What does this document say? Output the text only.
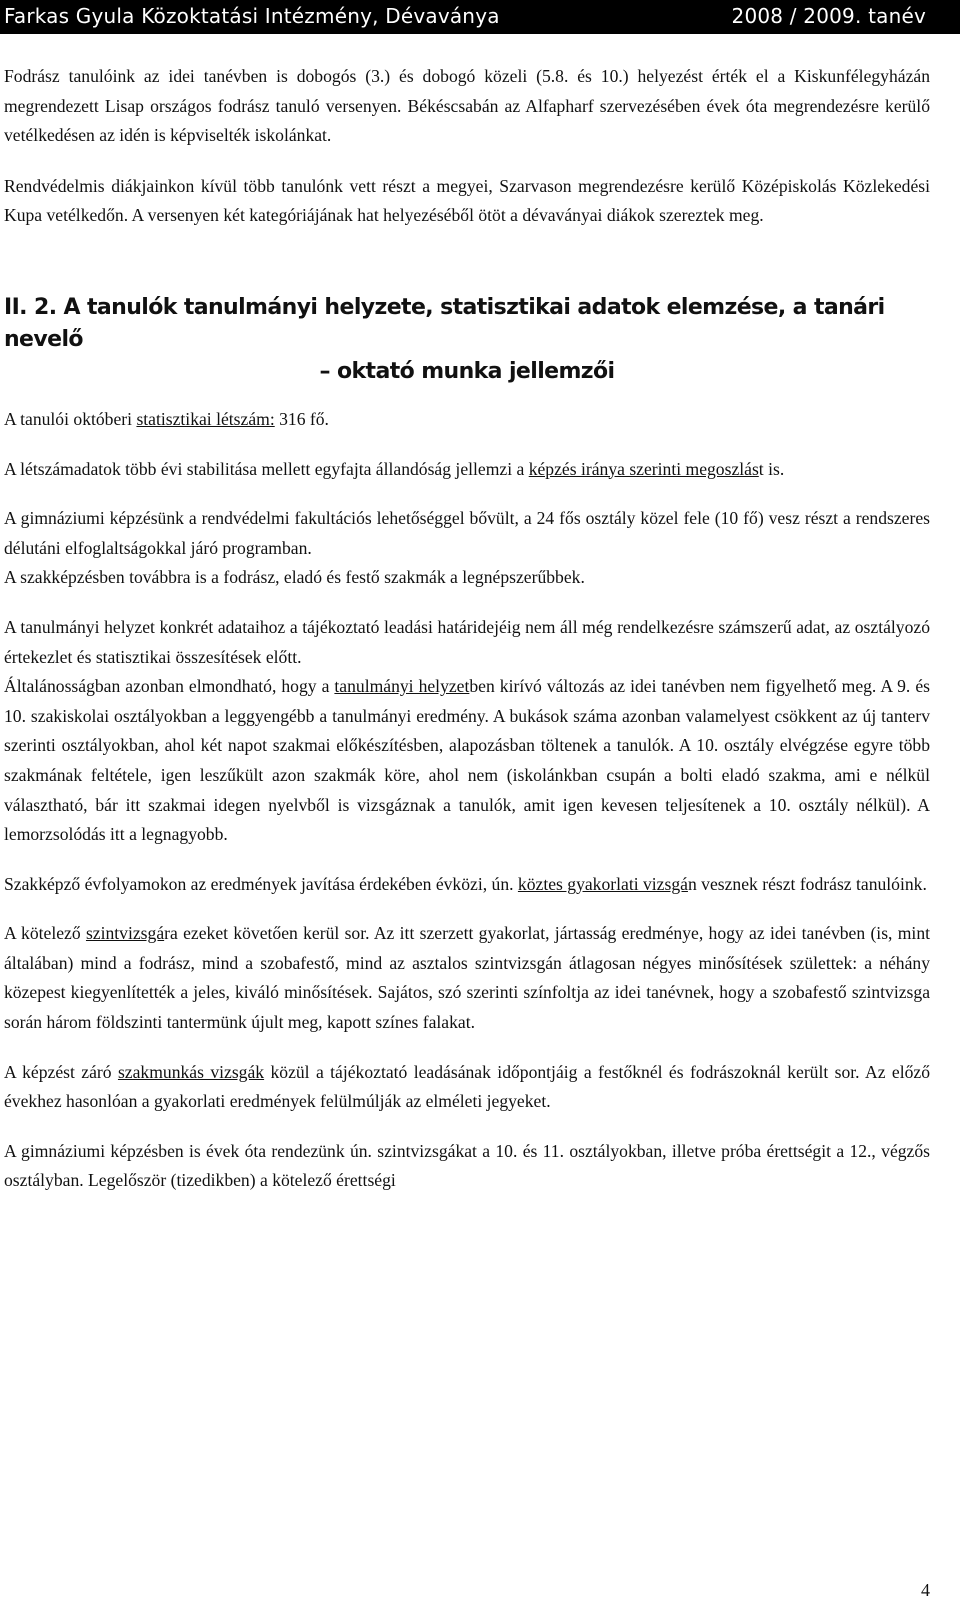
Farkas Gyula Közoktatási Intézmény, Dévaványa	2008 / 2009. tanév

Fodrász tanulóink az idei tanévben is dobogós (3.) és dobogó közeli (5.8. és 10.) helyezést érték el a Kiskunfélegyházán megrendezett Lisap országos fodrász tanuló versenyen. Békéscsabán az Alfapharf szervezésében évek óta megrendezésre kerülő vetélkedésen az idén is képviselték iskolánkat.

Rendvédelmis diákjainkon kívül több tanulónk vett részt a megyei, Szarvason megrendezésre kerülő Középiskolás Közlekedési Kupa vetélkedőn. A versenyen két kategóriájának hat helyezéséből ötöt a dévaványai diákok szereztek meg.

II. 2. A tanulók tanulmányi helyzete, statisztikai adatok elemzése, a tanári nevelő
– oktató munka jellemzői

A tanulói októberi statisztikai létszám: 316 fő.

A létszámadatok több évi stabilitása mellett egyfajta állandóság jellemzi a képzés iránya szerinti megoszlást is.

A gimnáziumi képzésünk a rendvédelmi fakultációs lehetőséggel bővült, a 24 fős osztály közel fele (10 fő) vesz részt a rendszeres délutáni elfoglaltságokkal járó programban.

A szakképzésben továbbra is a fodrász, eladó és festő szakmák a legnépszerűbbek.

A tanulmányi helyzet konkrét adataihoz a tájékoztató leadási határidejéig nem áll még rendelkezésre számszerű adat, az osztályozó értekezlet és statisztikai összesítések előtt.

Általánosságban azonban elmondható, hogy a tanulmányi helyzetben kirívó változás az idei tanévben nem figyelhető meg. A 9. és 10. szakiskolai osztályokban a leggyengébb a tanulmányi eredmény. A bukások száma azonban valamelyest csökkent az új tanterv szerinti osztályokban, ahol két napot szakmai előkészítésben, alapozásban töltenek a tanulók. A 10. osztály elvégzése egyre több szakmának feltétele, igen leszűkült azon szakmák köre, ahol nem (iskolánkban csupán a bolti eladó szakma, ami e nélkül választható, bár itt szakmai idegen nyelvből is vizsgáznak a tanulók, amit igen kevesen teljesítenek a 10. osztály nélkül). A lemorzsolódás itt a legnagyobb.

Szakképző évfolyamokon az eredmények javítása érdekében évközi, ún. köztes gyakorlati vizsgán vesznek részt fodrász tanulóink.

A kötelező szintvizsgára ezeket követően kerül sor. Az itt szerzett gyakorlat, jártasság eredménye, hogy az idei tanévben (is, mint általában) mind a fodrász, mind a szobafestő, mind az asztalos szintvizsgán átlagosan négyes minősítések születtek: a néhány közepest kiegyenlítették a jeles, kiváló minősítések. Sajátos, szó szerinti színfoltja az idei tanévnek, hogy a szobafestő szintvizsga során három földszinti tantermünk újult meg, kapott színes falakat.

A képzést záró szakmunkás vizsgák közül a tájékoztató leadásának időpontjáig a festőknél és fodrászoknál került sor. Az előző évekhez hasonlóan a gyakorlati eredmények felülmúlják az elméleti jegyeket.

A gimnáziumi képzésben is évek óta rendezünk ún. szintvizsgákat a 10. és 11. osztályokban, illetve próba érettségit a 12., végzős osztályban. Legelőször (tizedikben) a kötelező érettségi

4
